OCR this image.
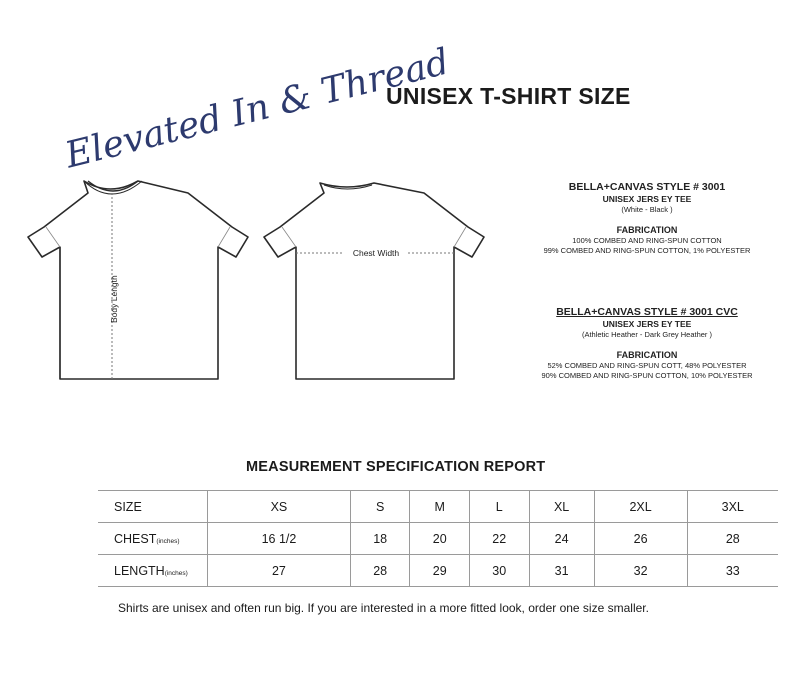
Elevated In & Thread
UNISEX T-SHIRT SIZE
Body Length
Chest Width
BELLA+CANVAS STYLE # 3001
UNISEX JERS EY TEE
(White - Black )
FABRICATION
100% COMBED AND RING-SPUN COTTON
99% COMBED AND RING-SPUN COTTON, 1% POLYESTER
BELLA+CANVAS STYLE # 3001 CVC
UNISEX JERS EY TEE
(Athletic Heather - Dark Grey Heather )
FABRICATION
52% COMBED AND RING-SPUN COTT, 48% POLYESTER
90% COMBED AND RING-SPUN COTTON, 10% POLYESTER
MEASUREMENT SPECIFICATION REPORT
SIZE	XS	S	M	L	XL	2XL	3XL
CHEST(inches)	16 1/2	18	20	22	24	26	28
LENGTH(inches)	27	28	29	30	31	32	33
Shirts are unisex and often run big. If you are interested in a more fitted look, order one size smaller.
